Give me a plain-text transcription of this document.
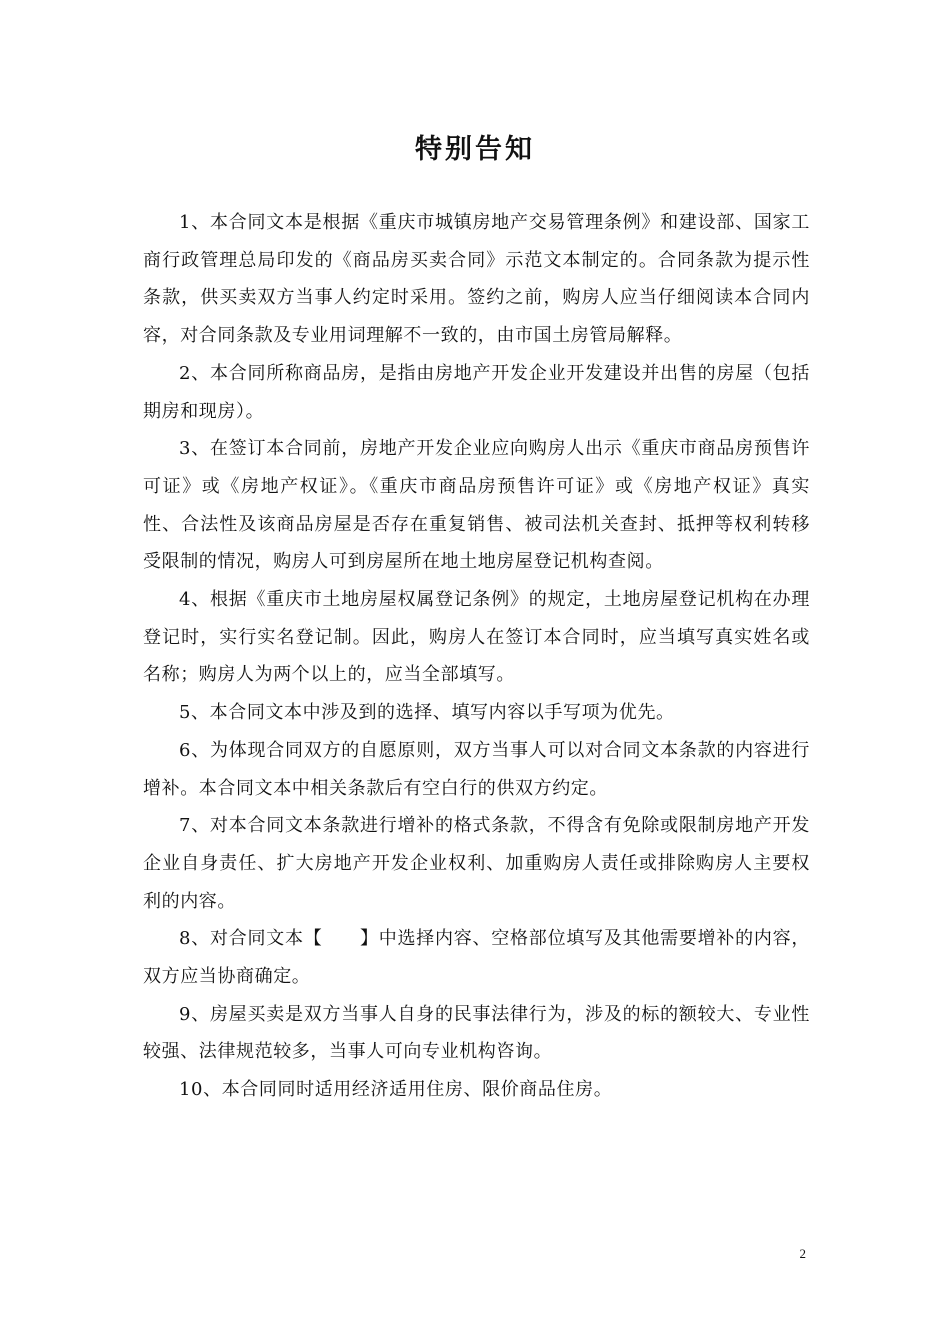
特别告知

1、本合同文本是根据《重庆市城镇房地产交易管理条例》和建设部、国家工商行政管理总局印发的《商品房买卖合同》示范文本制定的。合同条款为提示性条款，供买卖双方当事人约定时采用。签约之前，购房人应当仔细阅读本合同内容，对合同条款及专业用词理解不一致的，由市国土房管局解释。

2、本合同所称商品房，是指由房地产开发企业开发建设并出售的房屋（包括期房和现房）。

3、在签订本合同前，房地产开发企业应向购房人出示《重庆市商品房预售许可证》或《房地产权证》。《重庆市商品房预售许可证》或《房地产权证》真实性、合法性及该商品房屋是否存在重复销售、被司法机关查封、抵押等权利转移受限制的情况，购房人可到房屋所在地土地房屋登记机构查阅。

4、根据《重庆市土地房屋权属登记条例》的规定，土地房屋登记机构在办理登记时，实行实名登记制。因此，购房人在签订本合同时，应当填写真实姓名或名称；购房人为两个以上的，应当全部填写。

5、本合同文本中涉及到的选择、填写内容以手写项为优先。

6、为体现合同双方的自愿原则，双方当事人可以对合同文本条款的内容进行增补。本合同文本中相关条款后有空白行的供双方约定。

7、对本合同文本条款进行增补的格式条款，不得含有免除或限制房地产开发企业自身责任、扩大房地产开发企业权利、加重购房人责任或排除购房人主要权利的内容。

8、对合同文本【　　】中选择内容、空格部位填写及其他需要增补的内容，双方应当协商确定。

9、房屋买卖是双方当事人自身的民事法律行为，涉及的标的额较大、专业性较强、法律规范较多，当事人可向专业机构咨询。

10、本合同同时适用经济适用住房、限价商品住房。

2
